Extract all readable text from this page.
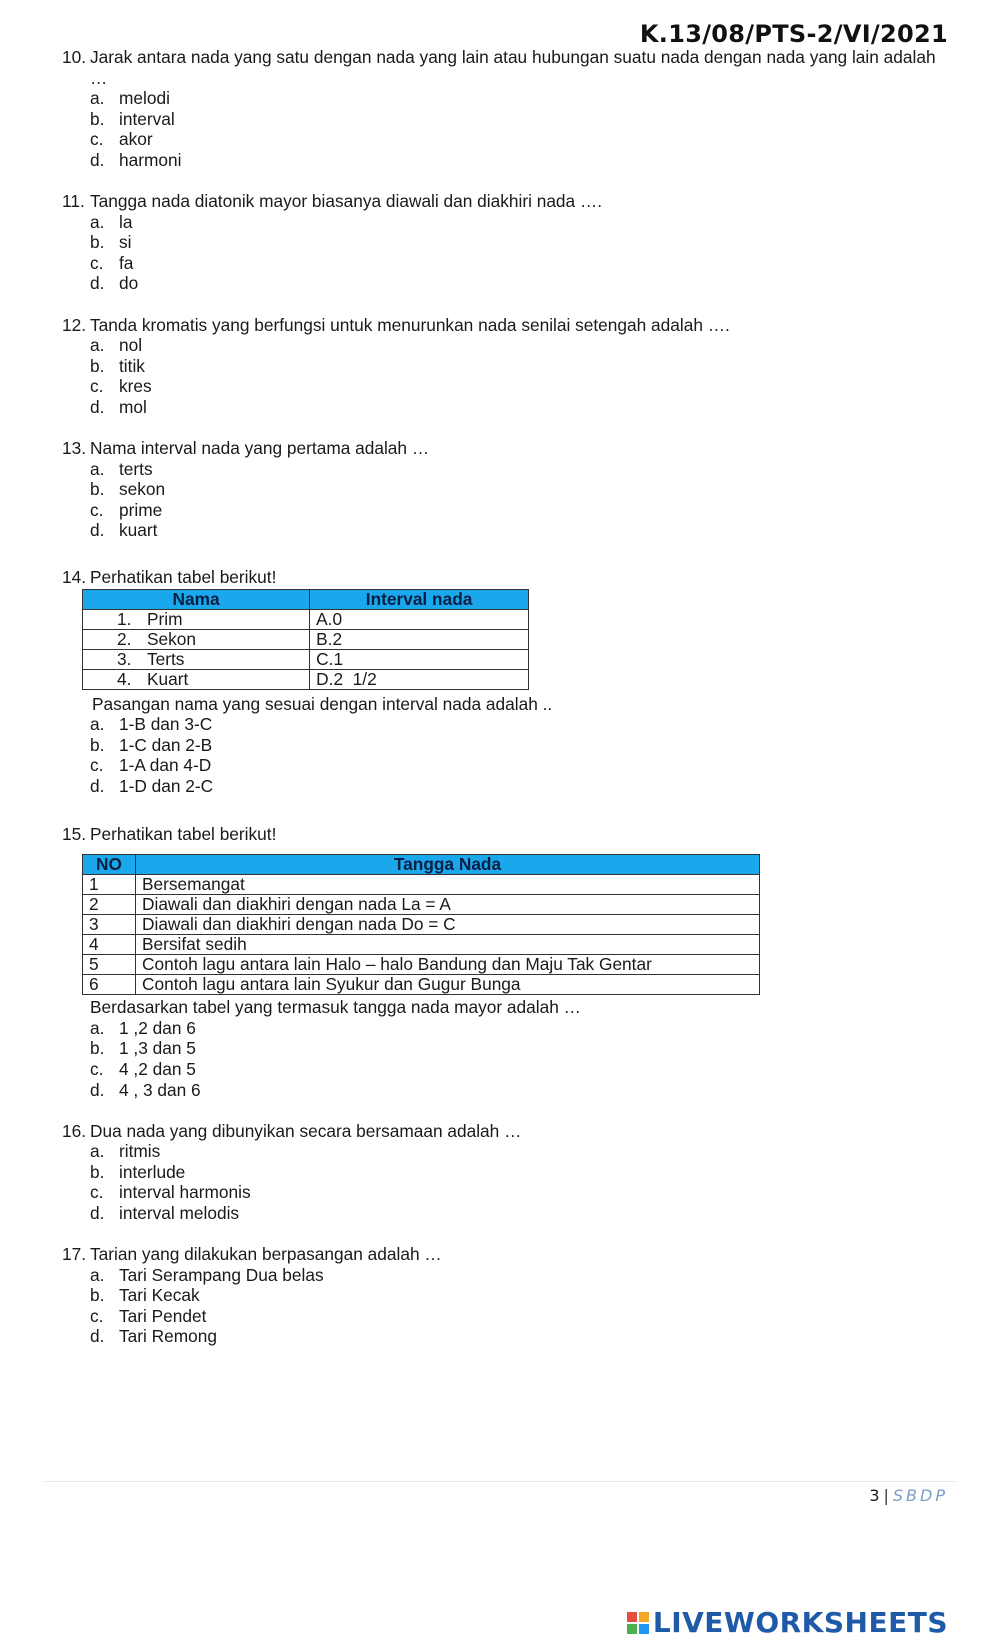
K.13/08/PTS-2/VI/2021
10. Jarak antara nada yang satu dengan nada yang lain atau hubungan suatu nada dengan nada yang lain adalah …
a. melodi
b. interval
c. akor
d. harmoni
11. Tangga nada diatonik mayor biasanya diawali dan diakhiri nada ….
a. la
b. si
c. fa
d. do
12. Tanda kromatis yang berfungsi untuk menurunkan nada senilai setengah adalah ….
a. nol
b. titik
c. kres
d. mol
13. Nama interval nada yang pertama adalah …
a. terts
b. sekon
c. prime
d. kuart
14. Perhatikan tabel berikut!
Nama	Interval nada
1. Prim	A.0
2. Sekon	B.2
3. Terts	C.1
4. Kuart	D.2  1/2
Pasangan nama yang sesuai dengan interval nada adalah ..
a. 1-B dan 3-C
b. 1-C dan 2-B
c. 1-A dan 4-D
d. 1-D dan 2-C
15. Perhatikan tabel berikut!
NO	Tangga Nada
1	Bersemangat
2	Diawali dan diakhiri dengan nada La = A
3	Diawali dan diakhiri dengan nada Do = C
4	Bersifat sedih
5	Contoh lagu antara lain Halo – halo Bandung dan Maju Tak Gentar
6	Contoh lagu antara lain Syukur dan Gugur Bunga
Berdasarkan tabel yang termasuk tangga nada mayor adalah …
a. 1 ,2 dan 6
b. 1 ,3 dan 5
c. 4 ,2 dan 5
d. 4 , 3 dan 6
16. Dua nada yang dibunyikan secara bersamaan adalah …
a. ritmis
b. interlude
c. interval harmonis
d. interval melodis
17. Tarian yang dilakukan berpasangan adalah …
a. Tari Serampang Dua belas
b. Tari Kecak
c. Tari Pendet
d. Tari Remong
3 | SBDP
LIVEWORKSHEETS
